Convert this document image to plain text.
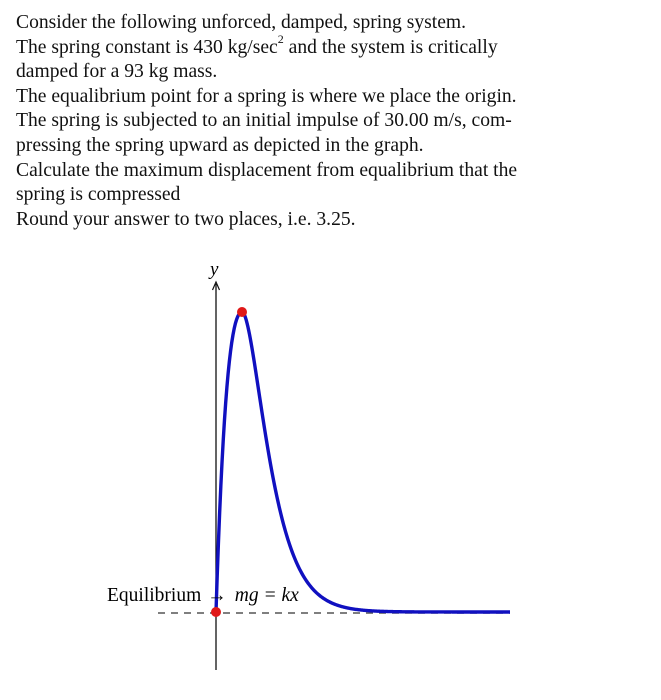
Consider the following unforced, damped, spring system.
The spring constant is 430 $kg/\sec^2$ and the system is critically
damped for a 93 kg mass.
The equalibrium point for a spring is where we place the origin.
The spring is subjected to an initial impulse of 30.00 m/s, com-
pressing the spring upward as depicted in the graph.
Calculate the maximum displacement from equalibrium that the
spring is compressed
Round your answer to two places, i.e. 3.25.
y
Equilibrium → mg = kx
